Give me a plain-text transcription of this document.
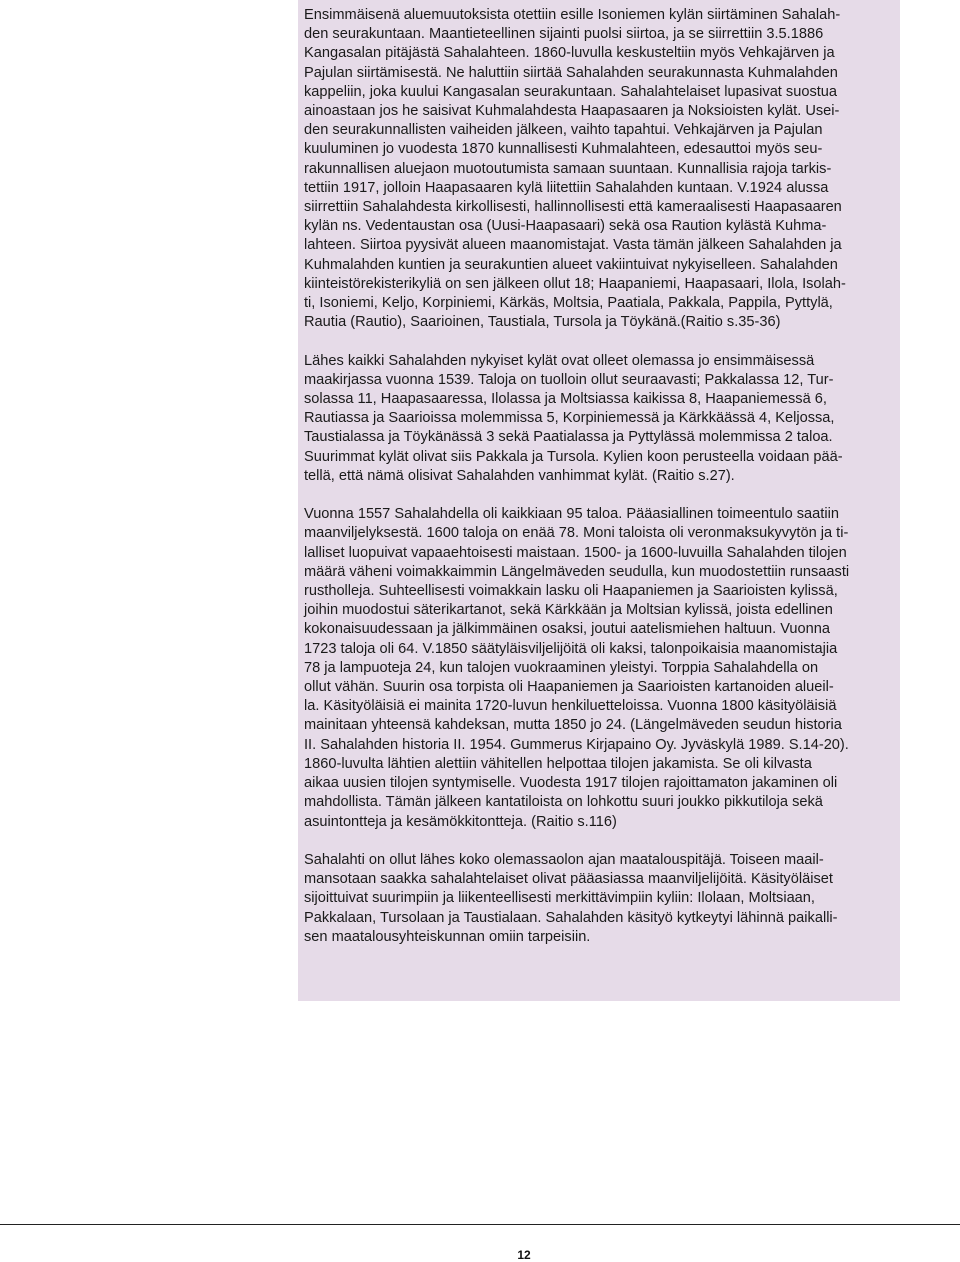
Ensimmäisenä aluemuutoksista otettiin esille Isoniemen kylän siirtäminen Sahalah-
den seurakuntaan. Maantieteellinen sijainti puolsi siirtoa, ja se siirrettiin 3.5.1886
Kangasalan pitäjästä Sahalahteen. 1860-luvulla keskusteltiin myös Vehkajärven ja
Pajulan siirtämisestä. Ne haluttiin siirtää Sahalahden seurakunnasta Kuhmalahden
kappeliin, joka kuului Kangasalan seurakuntaan. Sahalahtelaiset lupasivat suostua
ainoastaan jos he saisivat Kuhmalahdesta Haapasaaren ja Noksioisten kylät. Usei-
den seurakunnallisten vaiheiden jälkeen, vaihto tapahtui. Vehkajärven ja Pajulan
kuuluminen jo vuodesta 1870 kunnallisesti Kuhmalahteen, edesauttoi myös seu-
rakunnallisen aluejaon muotoutumista samaan suuntaan. Kunnallisia rajoja tarkis-
tettiin 1917, jolloin Haapasaaren kylä liitettiin Sahalahden kuntaan. V.1924 alussa
siirrettiin Sahalahdesta kirkollisesti, hallinnollisesti että kameraalisesti Haapasaaren
kylän ns. Vedentaustan osa (Uusi-Haapasaari) sekä osa Raution kylästä Kuhma-
lahteen. Siirtoa pyysivät alueen maanomistajat. Vasta tämän jälkeen Sahalahden ja
Kuhmalahden kuntien ja seurakuntien alueet vakiintuivat nykyiselleen. Sahalahden
kiinteistörekisterikyliä on sen jälkeen ollut 18; Haapaniemi, Haapasaari, Ilola, Isolah-
ti, Isoniemi, Keljo, Korpiniemi, Kärkäs, Moltsia, Paatiala, Pakkala, Pappila, Pyttylä,
Rautia (Rautio), Saarioinen, Taustiala, Tursola ja Töykänä.(Raitio s.35-36)

Lähes kaikki Sahalahden nykyiset kylät ovat olleet olemassa jo ensimmäisessä
maakirjassa vuonna 1539. Taloja on tuolloin ollut seuraavasti; Pakkalassa 12, Tur-
solassa 11, Haapasaaressa, Ilolassa ja Moltsiassa kaikissa 8, Haapaniemessä 6,
Rautiassa ja Saarioissa molemmissa 5, Korpiniemessä ja Kärkkäässä 4, Keljossa,
Taustialassa ja Töykänässä 3 sekä Paatialassa ja Pyttylässä molemmissa 2 taloa.
Suurimmat kylät olivat siis Pakkala ja Tursola. Kylien koon perusteella voidaan pää-
tellä, että nämä olisivat Sahalahden vanhimmat kylät. (Raitio s.27).

Vuonna 1557 Sahalahdella oli kaikkiaan 95 taloa. Pääasiallinen toimeentulo saatiin
maanviljelyksestä. 1600 taloja on enää 78. Moni taloista oli veronmaksukyvytön ja ti-
lalliset luopuivat vapaaehtoisesti maistaan. 1500- ja 1600-luvuilla Sahalahden tilojen
määrä väheni voimakkaimmin Längelmäveden seudulla, kun muodostettiin runsaasti
rustholleja. Suhteellisesti voimakkain lasku oli Haapaniemen ja Saarioisten kylissä,
joihin muodostui säterikartanot, sekä Kärkkään ja Moltsian kylissä, joista edellinen
kokonaisuudessaan ja jälkimmäinen osaksi, joutui aatelismiehen haltuun. Vuonna
1723 taloja oli 64. V.1850 säätyläisviljelijöitä oli kaksi, talonpoikaisia maanomistajia
78 ja lampuoteja 24, kun talojen vuokraaminen yleistyi. Torppia Sahalahdella on
ollut vähän. Suurin osa torpista oli Haapaniemen ja Saarioisten kartanoiden alueil-
la. Käsityöläisiä ei mainita 1720-luvun henkiluetteloissa. Vuonna 1800 käsityöläisiä
mainitaan yhteensä kahdeksan, mutta 1850 jo 24. (Längelmäveden seudun historia
II. Sahalahden historia II. 1954. Gummerus Kirjapaino Oy. Jyväskylä 1989. S.14-20).
1860-luvulta lähtien alettiin vähitellen helpottaa tilojen jakamista. Se oli kilvasta
aikaa uusien tilojen syntymiselle. Vuodesta 1917 tilojen rajoittamaton jakaminen oli
mahdollista. Tämän jälkeen kantatiloista on lohkottu suuri joukko pikkutiloja sekä
asuintontteja ja kesämökkitontteja. (Raitio s.116)

Sahalahti on ollut lähes koko olemassaolon ajan maatalouspitäjä. Toiseen maail-
mansotaan saakka sahalahtelaiset olivat pääasiassa maanviljelijöitä. Käsityöläiset
sijoittuivat suurimpiin ja liikenteellisesti merkittävimpiin kyliin: Ilolaan, Moltsiaan,
Pakkalaan, Tursolaan ja Taustialaan. Sahalahden käsityö kytkeytyi lähinnä paikalli-
sen maatalousyhteiskunnan omiin tarpeisiin.

12
